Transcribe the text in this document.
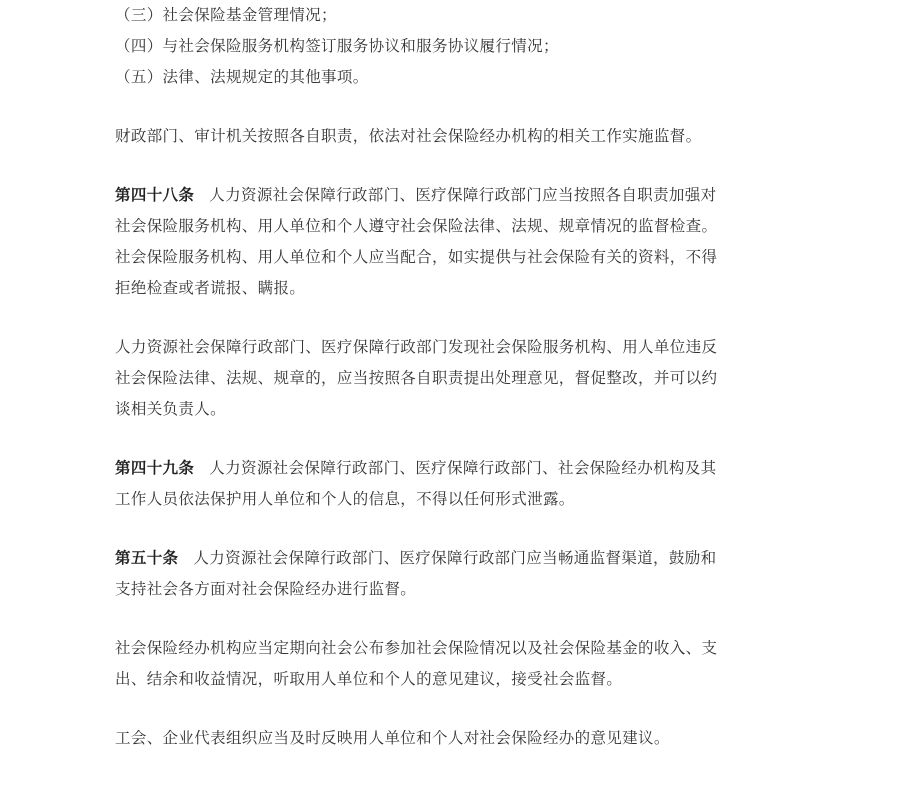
（三）社会保险基金管理情况；
（四）与社会保险服务机构签订服务协议和服务协议履行情况；
（五）法律、法规规定的其他事项。
财政部门、审计机关按照各自职责，依法对社会保险经办机构的相关工作实施监督。
第四十八条 人力资源社会保障行政部门、医疗保障行政部门应当按照各自职责加强对
社会保险服务机构、用人单位和个人遵守社会保险法律、法规、规章情况的监督检查。
社会保险服务机构、用人单位和个人应当配合，如实提供与社会保险有关的资料，不得
拒绝检查或者谎报、瞒报。
人力资源社会保障行政部门、医疗保障行政部门发现社会保险服务机构、用人单位违反
社会保险法律、法规、规章的，应当按照各自职责提出处理意见，督促整改，并可以约
谈相关负责人。
第四十九条 人力资源社会保障行政部门、医疗保障行政部门、社会保险经办机构及其
工作人员依法保护用人单位和个人的信息，不得以任何形式泄露。
第五十条 人力资源社会保障行政部门、医疗保障行政部门应当畅通监督渠道，鼓励和
支持社会各方面对社会保险经办进行监督。
社会保险经办机构应当定期向社会公布参加社会保险情况以及社会保险基金的收入、支
出、结余和收益情况，听取用人单位和个人的意见建议，接受社会监督。
工会、企业代表组织应当及时反映用人单位和个人对社会保险经办的意见建议。
